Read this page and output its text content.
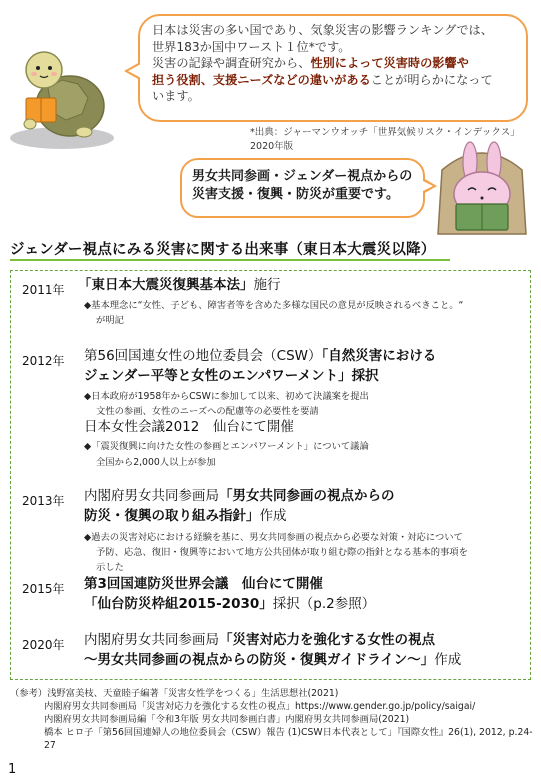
日本は災害の多い国であり、気象災害の影響ランキングでは、
世界183か国中ワースト１位*です。
災害の記録や調査研究から、性別によって災害時の影響や
担う役割、支援ニーズなどの違いがあることが明らかになって
います。
*出典：ジャーマンウオッチ「世界気候リスク・インデックス」2020年版
男女共同参画・ジェンダー視点からの
災害支援・復興・防災が重要です。
ジェンダー視点にみる災害に関する出来事（東日本大震災以降）
2011年 「東日本大震災復興基本法」施行
◆基本理念に“女性、子ども、障害者等を含めた多様な国民の意見が反映されるべきこと。“
が明記
2012年 第56回国連女性の地位委員会（CSW）「自然災害における
ジェンダー平等と女性のエンパワーメント」採択
◆日本政府が1958年からCSWに参加して以来、初めて決議案を提出
文性の参画、女性のニーズへの配慮等の必要性を要請
日本女性会議2012　仙台にて開催
◆「震災復興に向けた女性の参画とエンパワーメント」について議論
全国から2,000人以上が参加
2013年 内閣府男女共同参画局「男女共同参画の視点からの
防災・復興の取り組み指針」作成
◆過去の災害対応における経験を基に、男女共同参画の視点から必要な対策・対応について
予防、応急、復旧・復興等において地方公共団体が取り組む際の指針となる基本的事項を
示した
2015年 第3回国連防災世界会議　仙台にて開催
「仙台防災枠組2015-2030」採択（p.2参照）
2020年 内閣府男女共同参画局「災害対応力を強化する女性の視点
～男女共同参画の視点からの防災・復興ガイドライン～」作成
（参考）浅野富美枝、天童睦子編著「災害女性学をつくる」生活思想社(2021)
内閣府男女共同参画局「災害対応力を強化する女性の視点」https://www.gender.go.jp/policy/saigai/
内閣府男女共同参画局編「令和3年版 男女共同参画白書」内閣府男女共同参画局(2021)
橋本 ヒロ子「第56回国連婦人の地位委員会（CSW）報告 (1)CSW日本代表として」『国際女性』26(1), 2012, p.24-27
1
